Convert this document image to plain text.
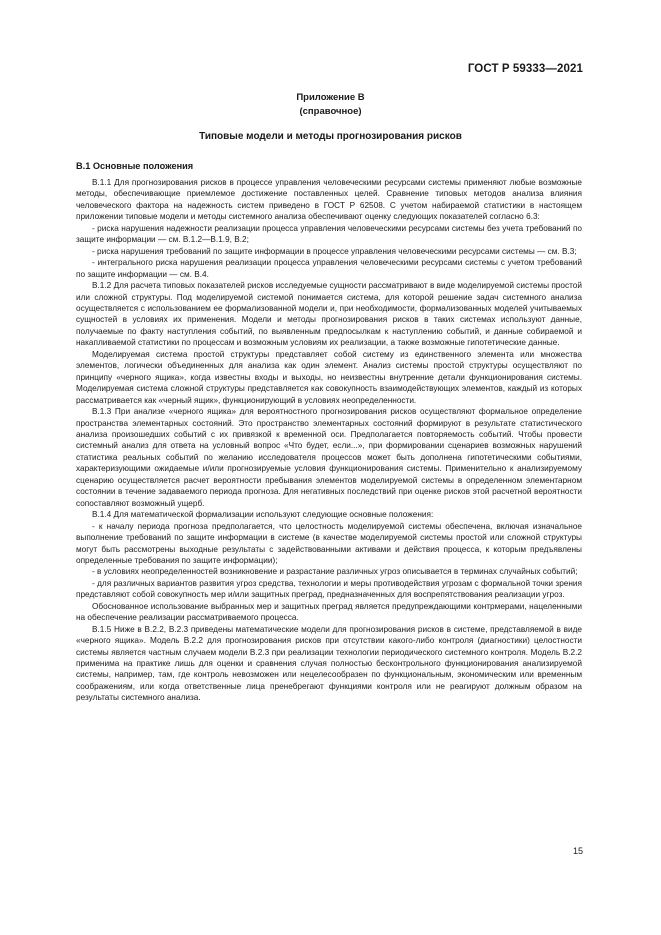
ГОСТ Р 59333—2021
Приложение В
(справочное)
Типовые модели и методы прогнозирования рисков
В.1 Основные положения

В.1.1 Для прогнозирования рисков в процессе управления человеческими ресурсами системы применяют любые возможные методы, обеспечивающие приемлемое достижение поставленных целей. Сравнение типовых методов анализа влияния человеческого фактора на надежность систем приведено в ГОСТ Р 62508. С учетом набираемой статистики в настоящем приложении типовые модели и методы системного анализа обеспечивают оценку следующих показателей согласно 6.3:

- риска нарушения надежности реализации процесса управления человеческими ресурсами системы без учета требований по защите информации — см. В.1.2—В.1.9, В.2;

- риска нарушения требований по защите информации в процессе управления человеческими ресурсами системы — см. В.3;

- интегрального риска нарушения реализации процесса управления человеческими ресурсами системы с учетом требований по защите информации — см. В.4.

В.1.2 Для расчета типовых показателей рисков исследуемые сущности рассматривают в виде моделируемой системы простой или сложной структуры. Под моделируемой системой понимается система, для которой решение задач системного анализа осуществляется с использованием ее формализованной модели и, при необходимости, формализованных моделей учитываемых сущностей в условиях их применения. Модели и методы прогнозирования рисков в таких системах используют данные, получаемые по факту наступления событий, по выявленным предпосылкам к наступлению событий, и данные собираемой и накапливаемой статистики по процессам и возможным условиям их реализации, а также возможные гипотетические данные.

Моделируемая система простой структуры представляет собой систему из единственного элемента или множества элементов, логически объединенных для анализа как один элемент. Анализ системы простой структуры осуществляют по принципу «черного ящика», когда известны входы и выходы, но неизвестны внутренние детали функционирования системы. Моделируемая система сложной структуры представляется как совокупность взаимодействующих элементов, каждый из которых рассматривается как «черный ящик», функционирующий в условиях неопределенности.

В.1.3 При анализе «черного ящика» для вероятностного прогнозирования рисков осуществляют формальное определение пространства элементарных состояний. Это пространство элементарных состояний формируют в результате статистического анализа произошедших событий с их привязкой к временной оси. Предполагается повторяемость событий. Чтобы провести системный анализ для ответа на условный вопрос «Что будет, если...», при формировании сценариев возможных нарушений статистика реальных событий по желанию исследователя процессов может быть дополнена гипотетическими событиями, характеризующими ожидаемые и/или прогнозируемые условия функционирования системы. Применительно к анализируемому сценарию осуществляется расчет вероятности пребывания элементов моделируемой системы в определенном элементарном состоянии в течение задаваемого периода прогноза. Для негативных последствий при оценке рисков этой расчетной вероятности сопоставляют возможный ущерб.

В.1.4 Для математической формализации используют следующие основные положения:

- к началу периода прогноза предполагается, что целостность моделируемой системы обеспечена, включая изначальное выполнение требований по защите информации в системе (в качестве моделируемой системы простой или сложной структуры могут быть рассмотрены выходные результаты с задействованными активами и действия процесса, к которым предъявлены определенные требования по защите информации);

- в условиях неопределенностей возникновение и разрастание различных угроз описывается в терминах случайных событий;

- для различных вариантов развития угроз средства, технологии и меры противодействия угрозам с формальной точки зрения представляют собой совокупность мер и/или защитных преград, предназначенных для воспрепятствования реализации угроз.

Обоснованное использование выбранных мер и защитных преград является предупреждающими контрмерами, нацеленными на обеспечение реализации рассматриваемого процесса.

В.1.5 Ниже в В.2.2, В.2.3 приведены математические модели для прогнозирования рисков в системе, представляемой в виде «черного ящика». Модель В.2.2 для прогнозирования рисков при отсутствии какого-либо контроля (диагностики) целостности системы является частным случаем модели В.2.3 при реализации технологии периодического системного контроля. Модель В.2.2 применима на практике лишь для оценки и сравнения случая полностью бесконтрольного функционирования анализируемой системы, например, там, где контроль невозможен или нецелесообразен по функциональным, экономическим или временным соображениям, или когда ответственные лица пренебрегают функциями контроля или не реагируют должным образом на результаты системного анализа.

15
